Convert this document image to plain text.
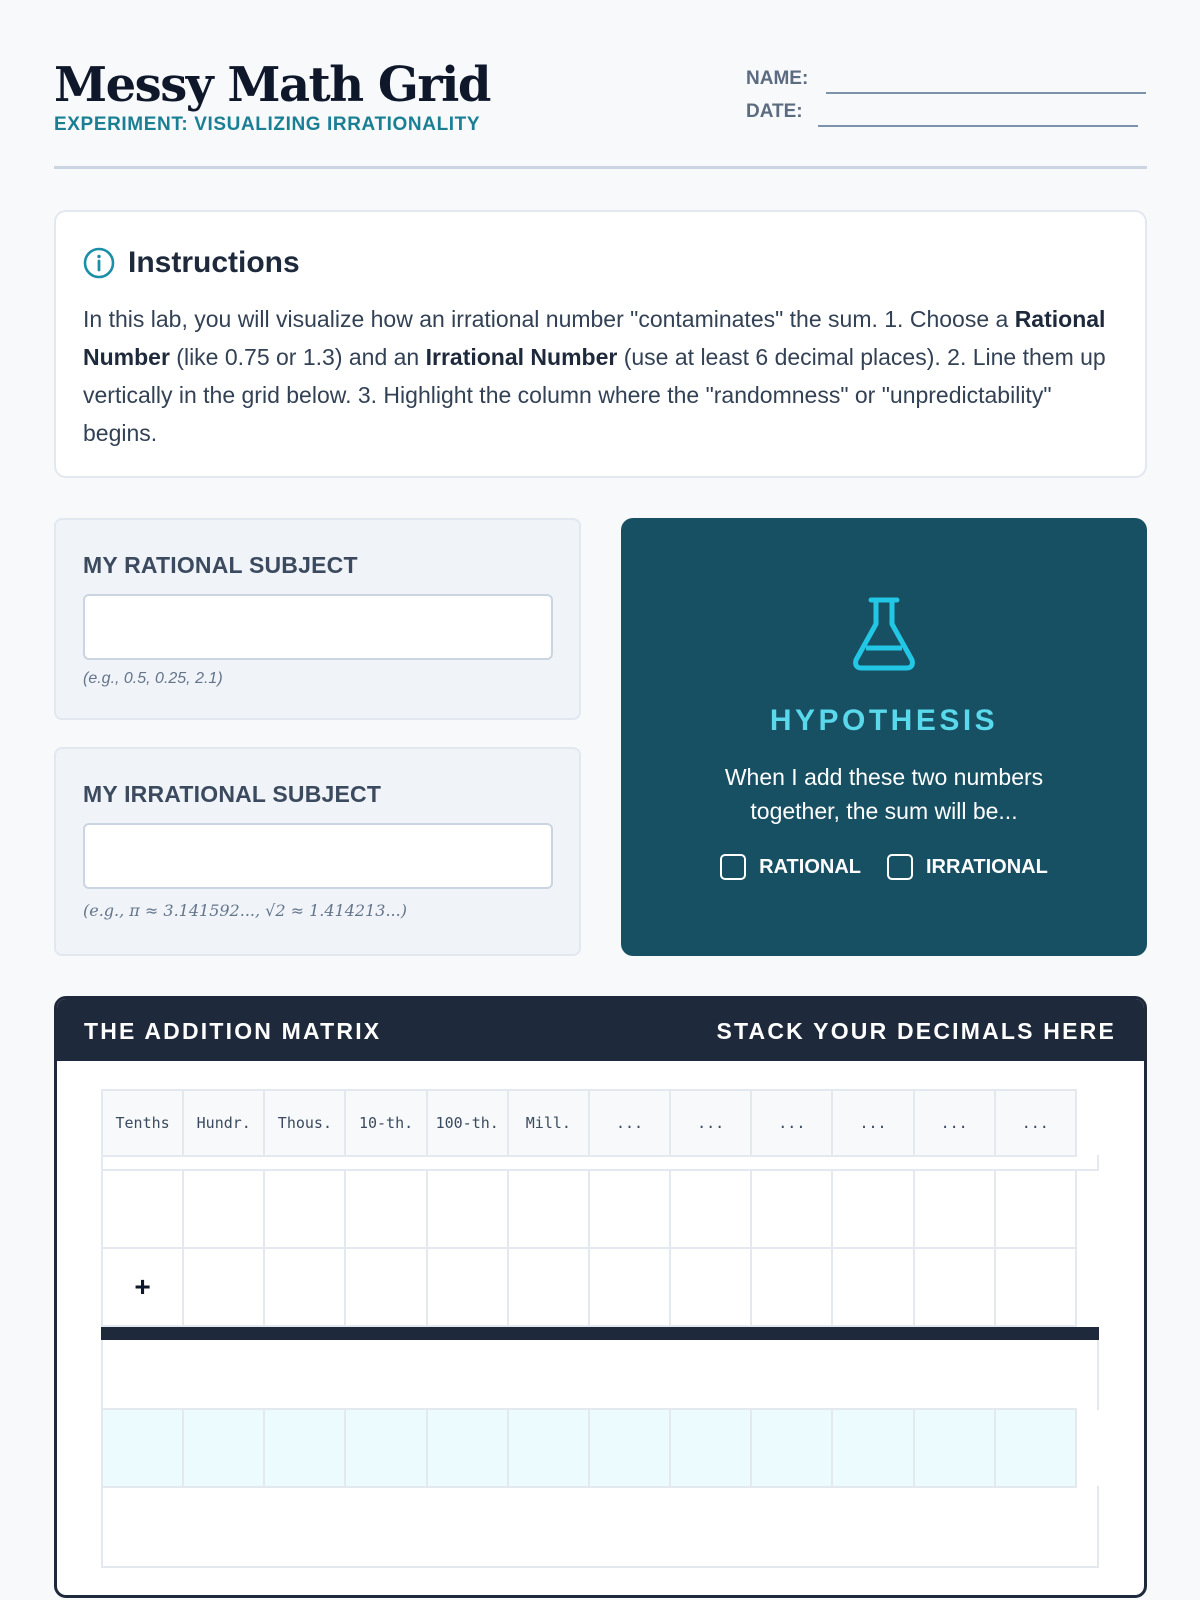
Messy Math Grid
EXPERIMENT: VISUALIZING IRRATIONALITY
NAME:
DATE:
Instructions
In this lab, you will visualize how an irrational number "contaminates" the sum. 1. Choose a Rational Number (like 0.75 or 1.3) and an Irrational Number (use at least 6 decimal places). 2. Line them up vertically in the grid below. 3. Highlight the column where the "randomness" or "unpredictability" begins.
MY RATIONAL SUBJECT
(e.g., 0.5, 0.25, 2.1)
MY IRRATIONAL SUBJECT
(e.g., π ≈ 3.141592..., √2 ≈ 1.414213...)
HYPOTHESIS
When I add these two numbers together, the sum will be...
RATIONAL	IRRATIONAL
THE ADDITION MATRIX	STACK YOUR DECIMALS HERE
Tenths	Hundr.	Thous.	10-th.	100-th.	Mill.	...	...	...	...	...	...
+
